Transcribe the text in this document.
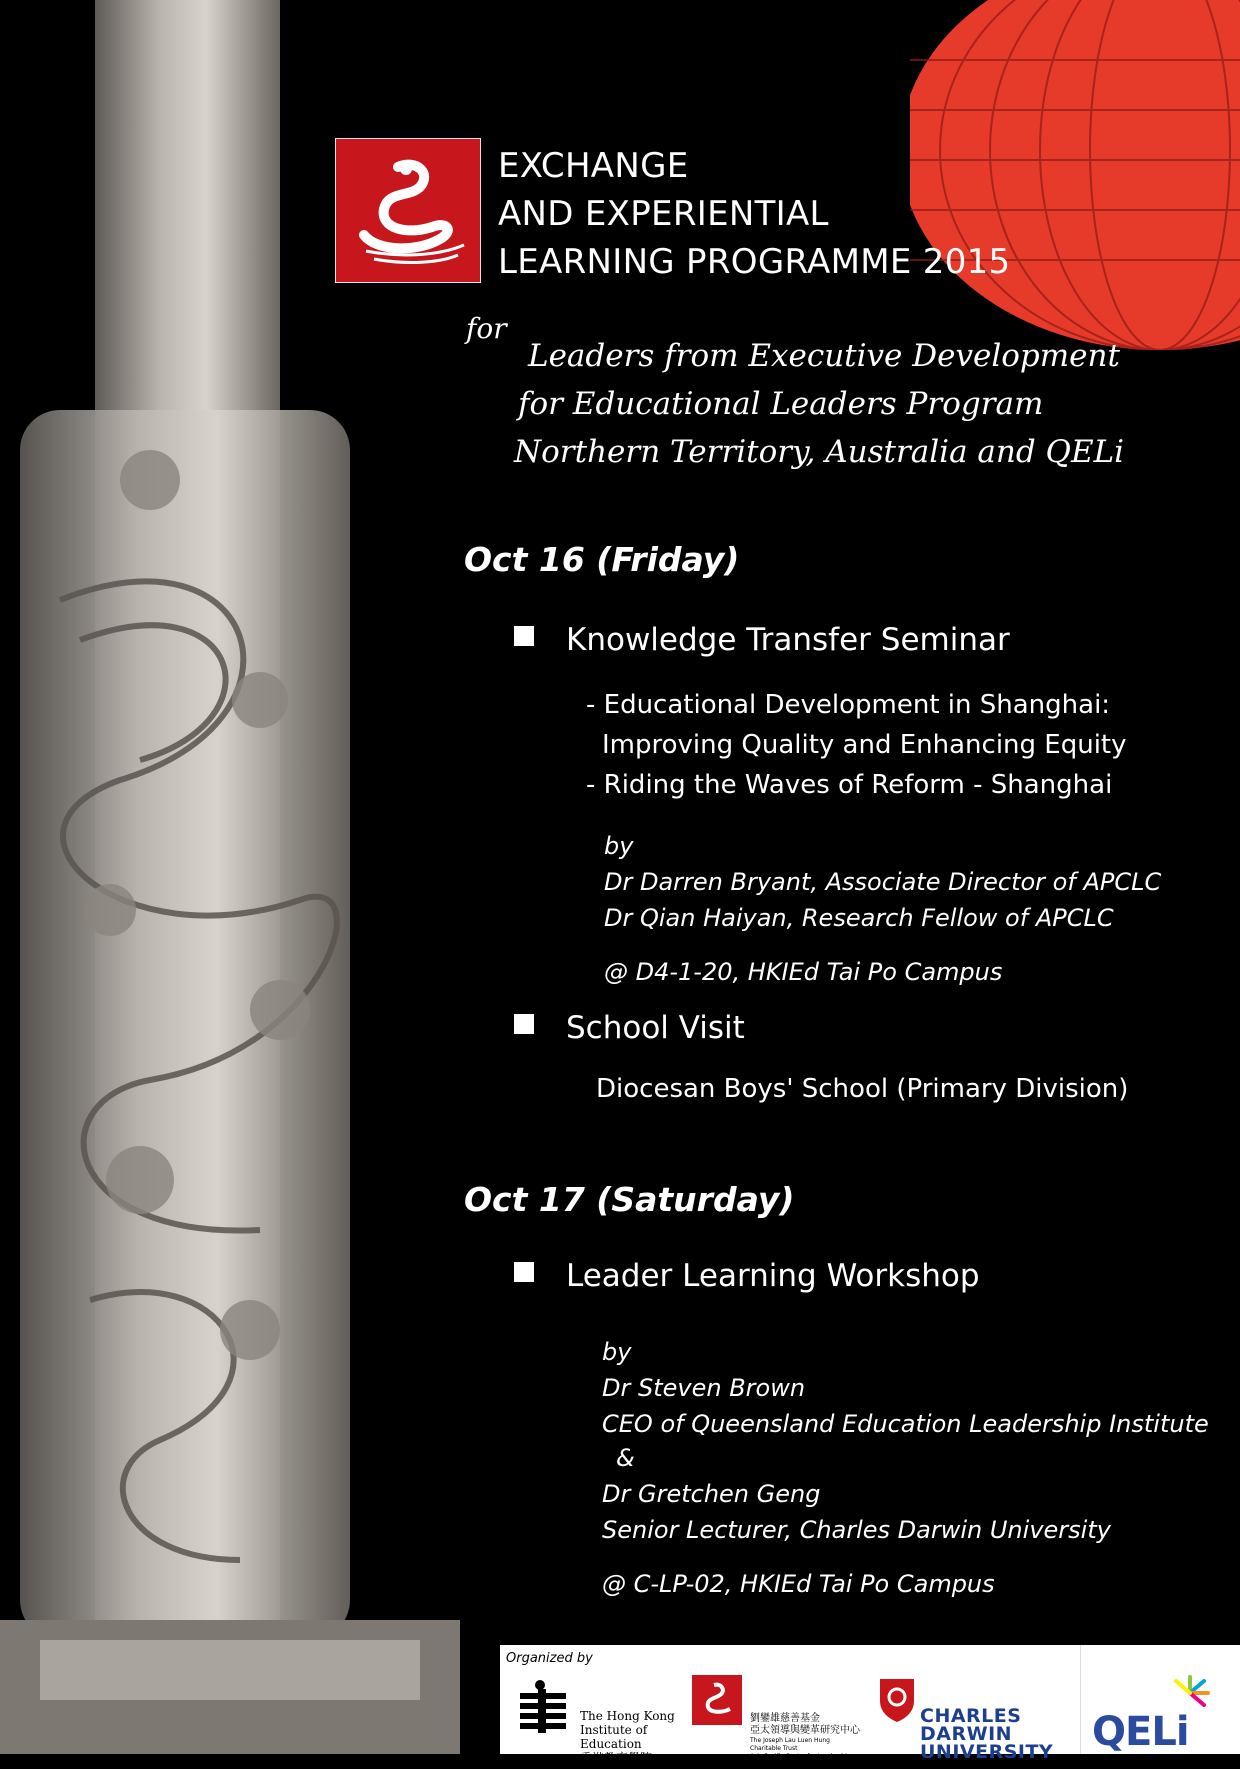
EXCHANGE
AND EXPERIENTIAL
LEARNING PROGRAMME 2015
for
Leaders from Executive Development
for Educational Leaders Program
Northern Territory, Australia and QELi
Oct 16 (Friday)
Knowledge Transfer Seminar
- Educational Development in Shanghai:
Improving Quality and Enhancing Equity
- Riding the Waves of Reform - Shanghai
by
Dr Darren Bryant, Associate Director of APCLC
Dr Qian Haiyan, Research Fellow of APCLC
@ D4-1-20, HKIEd Tai Po Campus
School Visit
Diocesan Boys' School (Primary Division)
Oct 17 (Saturday)
Leader Learning Workshop
by
Dr Steven Brown
CEO of Queensland Education Leadership Institute
&
Dr Gretchen Geng
Senior Lecturer, Charles Darwin University
@ C-LP-02, HKIEd Tai Po Campus
Organized by
The Hong Kong
Institute of Education
香港教育學院
劉鑾雄慈善基金
亞太領導與變革研究中心
The Joseph Lau Luen Hung Charitable Trust
Asia Pacific Centre for Leadership and Change
CHARLES
DARWIN
UNIVERSITY QELi
